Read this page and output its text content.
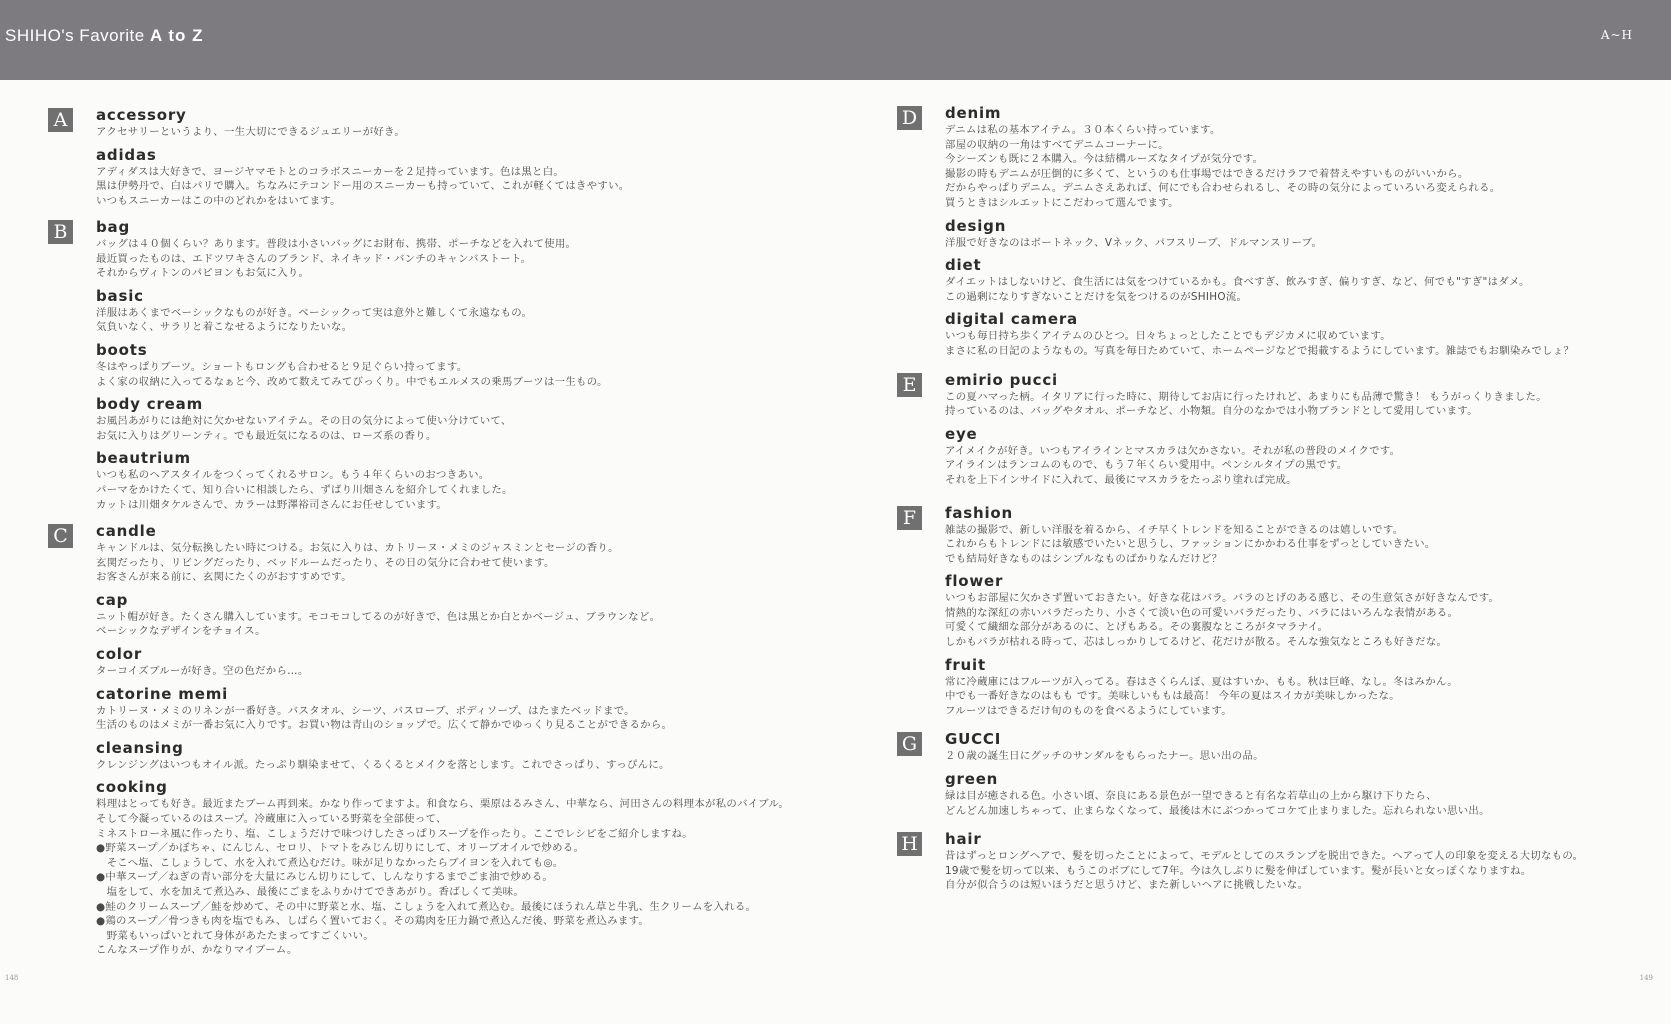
SHIHO's Favorite A to Z	A~H
A	accessory

アクセサリーというより、一生大切にできるジュエリーが好き。

adidas

アディダスは大好きで、ヨージヤマモトとのコラボスニーカーを２足持っています。色は黒と白。

黒は伊勢丹で、白はパリで購入。ちなみにテコンドー用のスニーカーも持っていて、これが軽くてはきやすい。

いつもスニーカーはこの中のどれかをはいてます。

B	bag

バッグは４０個くらい？あります。普段は小さいバッグにお財布、携帯、ポーチなどを入れて使用。

最近買ったものは、エドツワキさんのブランド、ネイキッド・バンチのキャンバストート。

それからヴィトンのパピヨンもお気に入り。

basic

洋服はあくまでベーシックなものが好き。ベーシックって実は意外と難しくて永遠なもの。

気負いなく、サラリと着こなせるようになりたいな。

boots

冬はやっぱりブーツ。ショートもロングも合わせると９足ぐらい持ってます。

よく家の収納に入ってるなぁと今、改めて数えてみてびっくり。中でもエルメスの乗馬ブーツは一生もの。

body cream

お風呂あがりには絶対に欠かせないアイテム。その日の気分によって使い分けていて、

お気に入りはグリーンティ。でも最近気になるのは、ローズ系の香り。

beautrium

いつも私のヘアスタイルをつくってくれるサロン。もう４年くらいのおつきあい。

パーマをかけたくて、知り合いに相談したら、ずばり川畑さんを紹介してくれました。

カットは川畑タケルさんで、カラーは野澤裕司さんにお任せしています。

C	candle

キャンドルは、気分転換したい時につける。お気に入りは、カトリーヌ・メミのジャスミンとセージの香り。

玄関だったり、リビングだったり、ベッドルームだったり、その日の気分に合わせて使います。

お客さんが来る前に、玄関にたくのがおすすめです。

cap

ニット帽が好き。たくさん購入しています。モコモコしてるのが好きで、色は黒とか白とかベージュ、ブラウンなど。

ベーシックなデザインをチョイス。

color

ターコイズブルーが好き。空の色だから…。

catorine memi

カトリーヌ・メミのリネンが一番好き。バスタオル、シーツ、バスローブ、ボディソープ、はたまたベッドまで。

生活のものはメミが一番お気に入りです。お買い物は青山のショップで。広くて静かでゆっくり見ることができるから。

cleansing

クレンジングはいつもオイル派。たっぷり馴染ませて、くるくるとメイクを落とします。これでさっぱり、すっぴんに。

cooking

料理はとっても好き。最近またブーム再到来。かなり作ってますよ。和食なら、栗原はるみさん、中華なら、河田さんの料理本が私のバイブル。

そして今凝っているのはスープ。冷蔵庫に入っている野菜を全部使って、

ミネストローネ風に作ったり、塩、こしょうだけで味つけしたさっぱりスープを作ったり。ここでレシピをご紹介しますね。

●野菜スープ／かぼちゃ、にんじん、セロリ、トマトをみじん切りにして、オリーブオイルで炒める。

　そこへ塩、こしょうして、水を入れて煮込むだけ。味が足りなかったらブイヨンを入れても◎。

●中華スープ／ねぎの青い部分を大量にみじん切りにして、しんなりするまでごま油で炒める。

　塩をして、水を加えて煮込み、最後にごまをふりかけてできあがり。香ばしくて美味。

●鮭のクリームスープ／鮭を炒めて、その中に野菜と水、塩、こしょうを入れて煮込む。最後にほうれん草と牛乳、生クリームを入れる。

●鶏のスープ／骨つきも肉を塩でもみ、しばらく置いておく。その鶏肉を圧力鍋で煮込んだ後、野菜を煮込みます。

　野菜もいっぱいとれて身体があたたまってすごくいい。

こんなスープ作りが、かなりマイブーム。

D	denim

デニムは私の基本アイテム。３０本くらい持っています。

部屋の収納の一角はすべてデニムコーナーに。

今シーズンも既に２本購入。今は結構ルーズなタイプが気分です。

撮影の時もデニムが圧倒的に多くて、というのも仕事場ではできるだけラフで着替えやすいものがいいから。

だからやっぱりデニム。デニムさえあれば、何にでも合わせられるし、その時の気分によっていろいろ変えられる。

買うときはシルエットにこだわって選んでます。

design

洋服で好きなのはボートネック、Vネック、パフスリーブ、ドルマンスリーブ。

diet

ダイエットはしないけど、食生活には気をつけているかも。食べすぎ、飲みすぎ、偏りすぎ、など、何でも"すぎ"はダメ。

この過剰になりすぎないことだけを気をつけるのがSHIHO流。

digital camera

いつも毎日持ち歩くアイテムのひとつ。日々ちょっとしたことでもデジカメに収めています。

まさに私の日記のようなもの。写真を毎日ためていて、ホームページなどで掲載するようにしています。雑誌でもお馴染みでしょ？

E	emirio pucci

この夏ハマった柄。イタリアに行った時に、期待してお店に行ったけれど、あまりにも品薄で驚き！ もうがっくりきました。

持っているのは、バッグやタオル、ポーチなど、小物類。自分のなかでは小物ブランドとして愛用しています。

eye

アイメイクが好き。いつもアイラインとマスカラは欠かさない。それが私の普段のメイクです。

アイラインはランコムのもので、もう７年くらい愛用中。ペンシルタイプの黒です。

それを上下インサイドに入れて、最後にマスカラをたっぷり塗れば完成。

F	fashion

雑誌の撮影で、新しい洋服を着るから、イチ早くトレンドを知ることができるのは嬉しいです。

これからもトレンドには敏感でいたいと思うし、ファッションにかかわる仕事をずっとしていきたい。

でも結局好きなものはシンプルなものばかりなんだけど？

flower

いつもお部屋に欠かさず置いておきたい。好きな花はバラ。バラのとげのある感じ、その生意気さが好きなんです。

情熱的な深紅の赤いバラだったり、小さくて淡い色の可愛いバラだったり、バラにはいろんな表情がある。

可愛くて繊細な部分があるのに、とげもある。その裏腹なところがタマラナイ。

しかもバラが枯れる時って、芯はしっかりしてるけど、花だけが散る。そんな強気なところも好きだな。

fruit

常に冷蔵庫にはフルーツが入ってる。春はさくらんぼ、夏はすいか、もも。秋は巨峰、なし。冬はみかん。

中でも一番好きなのはもも です。美味しいももは最高！ 今年の夏はスイカが美味しかったな。

フルーツはできるだけ旬のものを食べるようにしています。

G	GUCCI

２０歳の誕生日にグッチのサンダルをもらったナー。思い出の品。

green

緑は目が癒される色。小さい頃、奈良にある景色が一望できると有名な若草山の上から駆け下りたら、

どんどん加速しちゃって、止まらなくなって、最後は木にぶつかってコケて止まりました。忘れられない思い出。

H hair

昔はずっとロングヘアで、髪を切ったことによって、モデルとしてのスランプを脱出できた。ヘアって人の印象を変える大切なもの。

19歳で髪を切って以来、もうこのボブにして7年。今は久しぶりに髪を伸ばしています。髪が長いと女っぽくなりますね。

自分が似合うのは短いほうだと思うけど、また新しいヘアに挑戦したいな。

148	149
